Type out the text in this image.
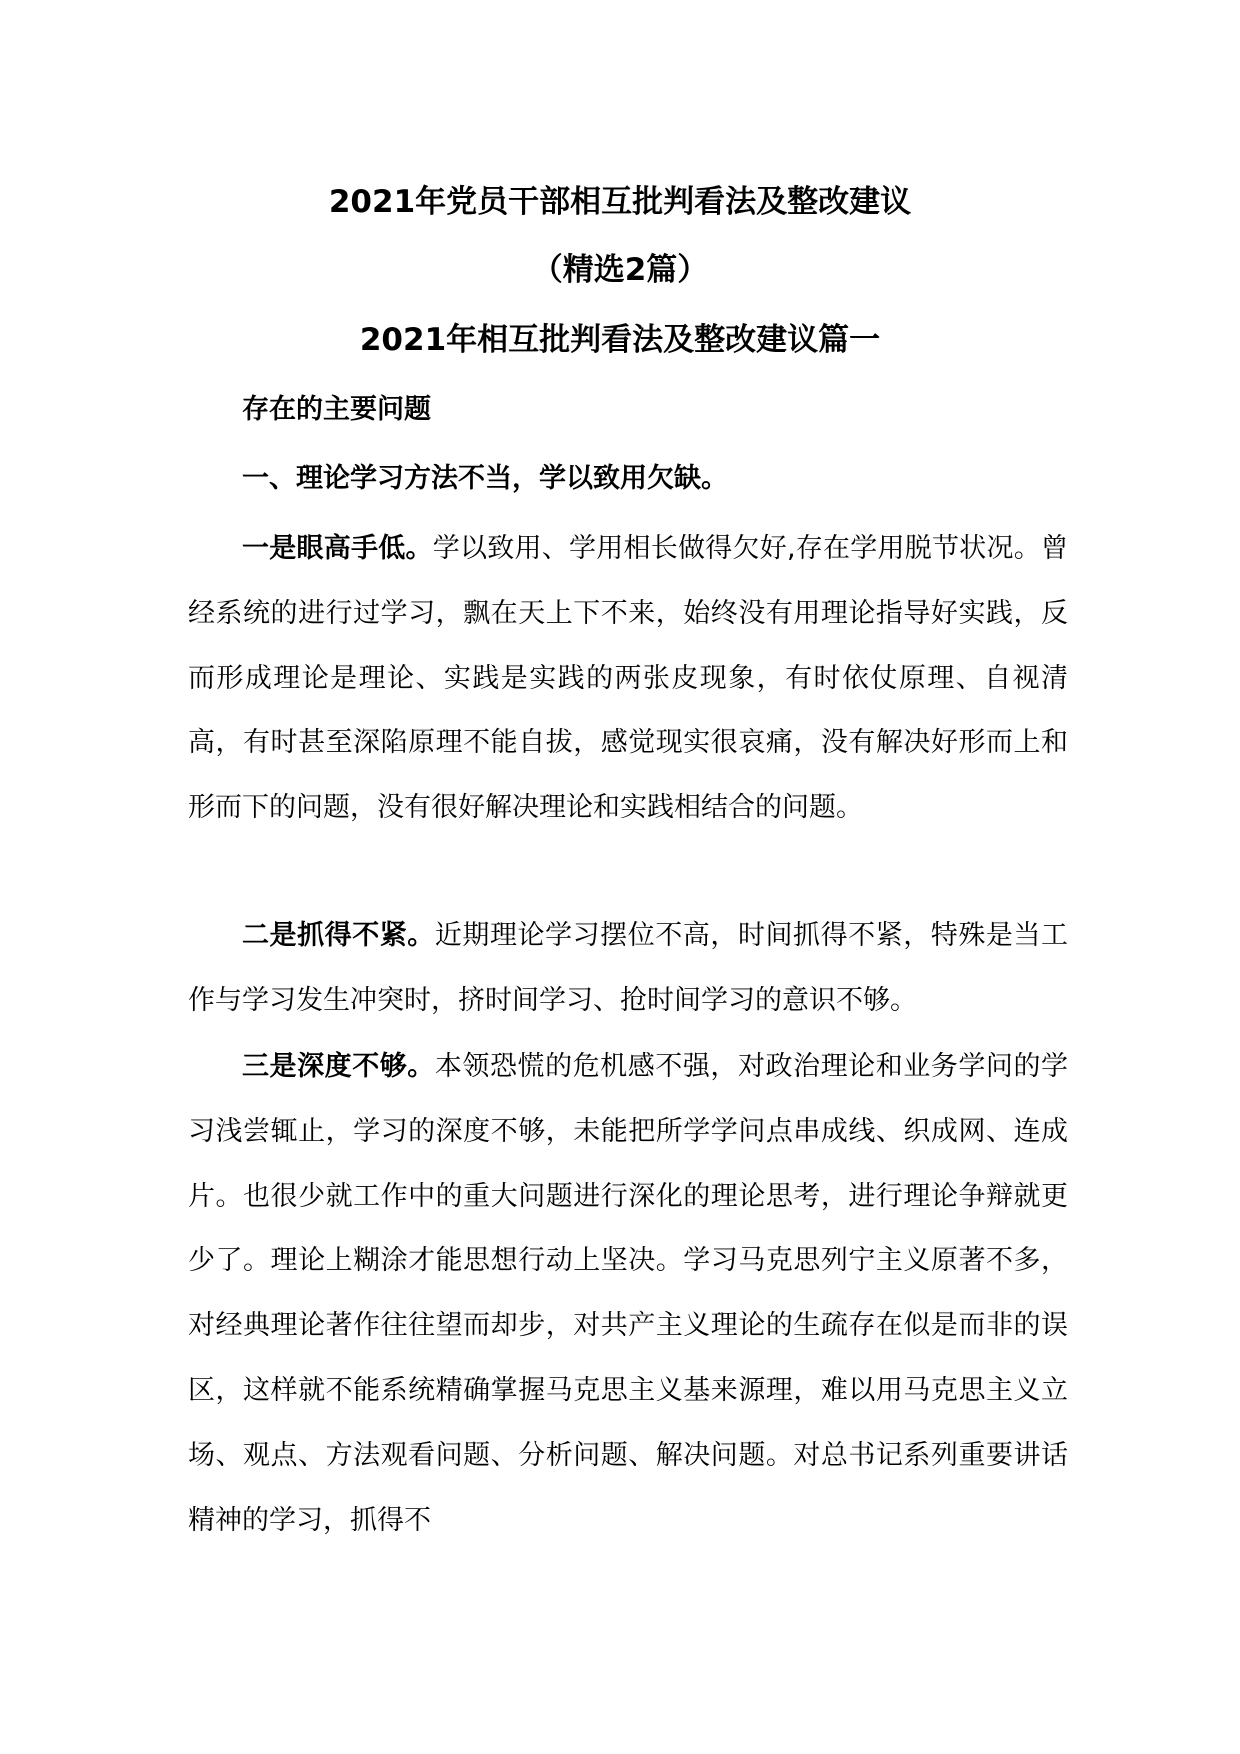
2021年党员干部相互批判看法及整改建议
（精选2篇）
2021年相互批判看法及整改建议篇一

存在的主要问题

一、理论学习方法不当，学以致用欠缺。

一是眼高手低。学以致用、学用相长做得欠好,存在学用脱节状况。曾经系统的进行过学习，飘在天上下不来，始终没有用理论指导好实践，反而形成理论是理论、实践是实践的两张皮现象，有时依仗原理、自视清高，有时甚至深陷原理不能自拔，感觉现实很哀痛，没有解决好形而上和形而下的问题，没有很好解决理论和实践相结合的问题。

二是抓得不紧。近期理论学习摆位不高，时间抓得不紧，特殊是当工作与学习发生冲突时，挤时间学习、抢时间学习的意识不够。

三是深度不够。本领恐慌的危机感不强，对政治理论和业务学问的学习浅尝辄止，学习的深度不够，未能把所学学问点串成线、织成网、连成片。也很少就工作中的重大问题进行深化的理论思考，进行理论争辩就更少了。理论上糊涂才能思想行动上坚决。学习马克思列宁主义原著不多，对经典理论著作往往望而却步，对共产主义理论的生疏存在似是而非的误区，这样就不能系统精确掌握马克思主义基来源理，难以用马克思主义立场、观点、方法观看问题、分析问题、解决问题。对总书记系列重要讲话精神的学习，抓得不
